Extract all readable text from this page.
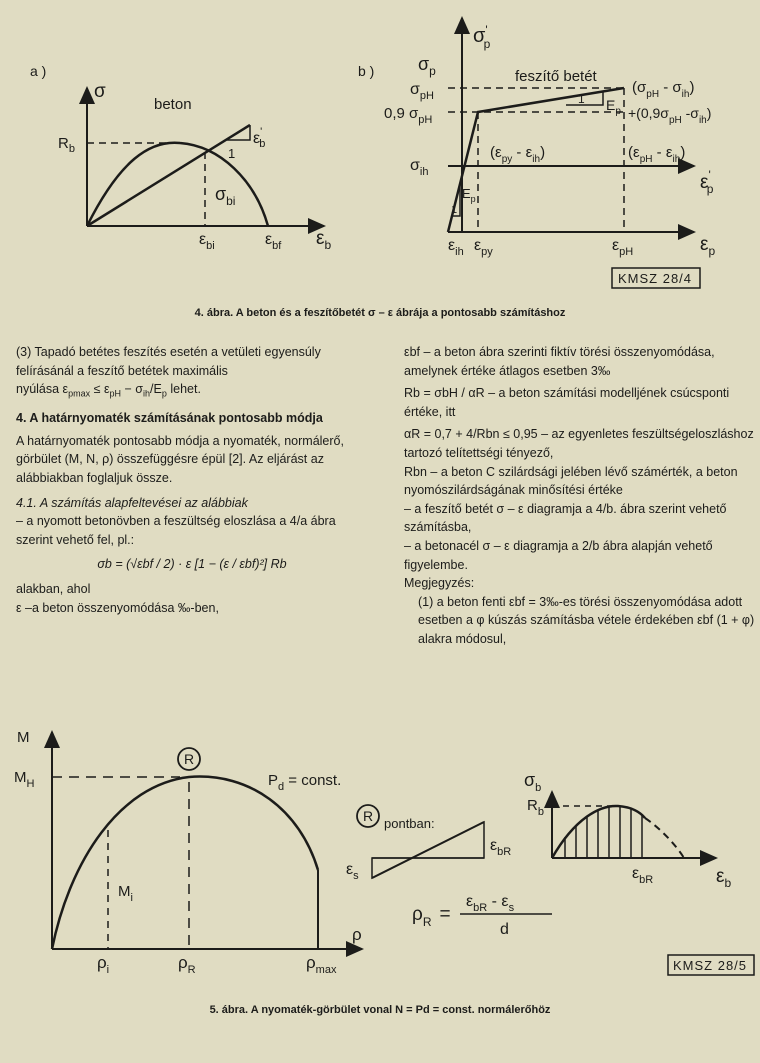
a )
σ
beton
$R_b$
ε' b
1
$\sigma_{bi}$
$\varepsilon_{bi}$	$\varepsilon_{bf}$ $\varepsilon_b$
b )
σ' p
$\sigma_p$
$\sigma_{pH}$
0,9 $\sigma_{pH}$
$\sigma_{ih}$
feszítő betét
$(\sigma_{pH} - \sigma_{ih})$
$+(0,9\sigma_{pH}$ $-\sigma_{ih}$)
1 $E_p$
$(\varepsilon_{py} - \varepsilon_{ih})$	$(\varepsilon_{pH} - \varepsilon_{ih})$
ε' p
$E_p$
1
$\varepsilon_{ih}$ $\varepsilon_{py}$	$\varepsilon_{pH}$	$\varepsilon_p$
KMSZ 28/4
4. ábra. A beton és a feszítőbetét σ – ε ábrája a pontosabb számításhoz

(3) Tapadó betétes feszítés esetén a vetületi egyensúly felírásánál a feszítő betétek maximális

nyúlása $\varepsilon_{pmax} \le \varepsilon_{pH} - \sigma_{ih}/E_p$ lehet.

4. A határnyomaték számításának pontosabb módja

A határnyomaték pontosabb módja a nyomaték, normálerő, görbület (M, N, ρ) összefüggésre épül [2]. Az eljárást az alábbiakban foglaljuk össze.

4.1. A számítás alapfeltevései az alábbiak

– a nyomott betonövben a feszültség eloszlása a 4/a ábra szerint vehető fel, pl.:

σb = (√εbf / 2) · ε [1 − (ε / εbf)²] Rb

alakban, ahol

ε –a beton összenyomódása ‰-ben,

εbf – a beton ábra szerinti fiktív törési összenyomódása, amelynek értéke átlagos esetben 3‰

Rb = σbH / αR – a beton számítási modelljének csúcsponti értéke, itt

αR = 0,7 + 4/Rbn ≤ 0,95 – az egyenletes feszültségeloszláshoz tartozó telítettségi tényező,

Rbn – a beton C szilárdsági jelében lévő számérték, a beton nyomószilárdságának minősítési értéke

– a feszítő betét σ – ε diagramja a 4/b. ábra szerint vehető számításba,

– a betonacél σ – ε diagramja a 2/b ábra alapján vehető figyelembe.

Megjegyzés:

(1) a beton fenti εbf = 3‰-es törési összenyomódása adott esetben a φ kúszás számításba vétele érdekében εbf (1 + φ) alakra módosul,

M
$M_H$
R
$P_d$ = const.
$M_i$
ρ
$\rho_i$	$\rho_R$	$\rho_{max}$
R pontban:
$\varepsilon_{bR}$
$\varepsilon_s$
$\rho_R$ =
$\varepsilon_{bR} - \varepsilon_s$
d
$\sigma_b$
$R_b$
$\varepsilon_{bR}$	$\varepsilon_b$
KMSZ 28/5
5. ábra. A nyomaték-görbület vonal N = Pd = const. normálerőhöz
